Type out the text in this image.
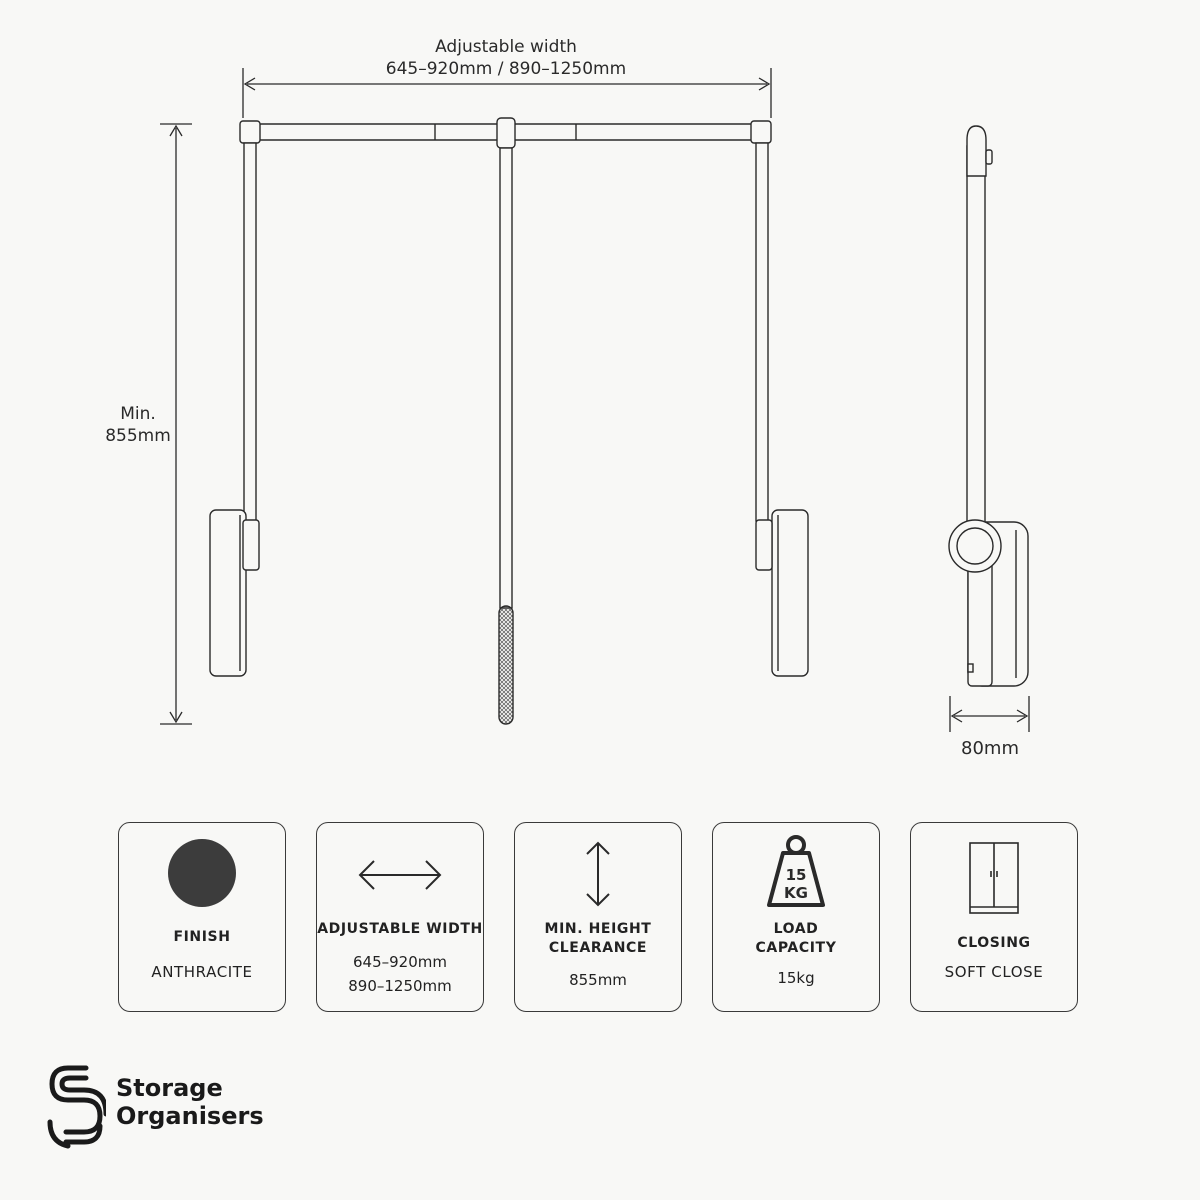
Adjustable width
645–920mm / 890–1250mm
Min.
855mm
80mm
FINISH
ANTHRACITE
ADJUSTABLE WIDTH
645–920mm
890–1250mm
MIN. HEIGHT
CLEARANCE
855mm
15
KG
LOAD
CAPACITY
15kg
CLOSING
SOFT CLOSE
Storage
Organisers
